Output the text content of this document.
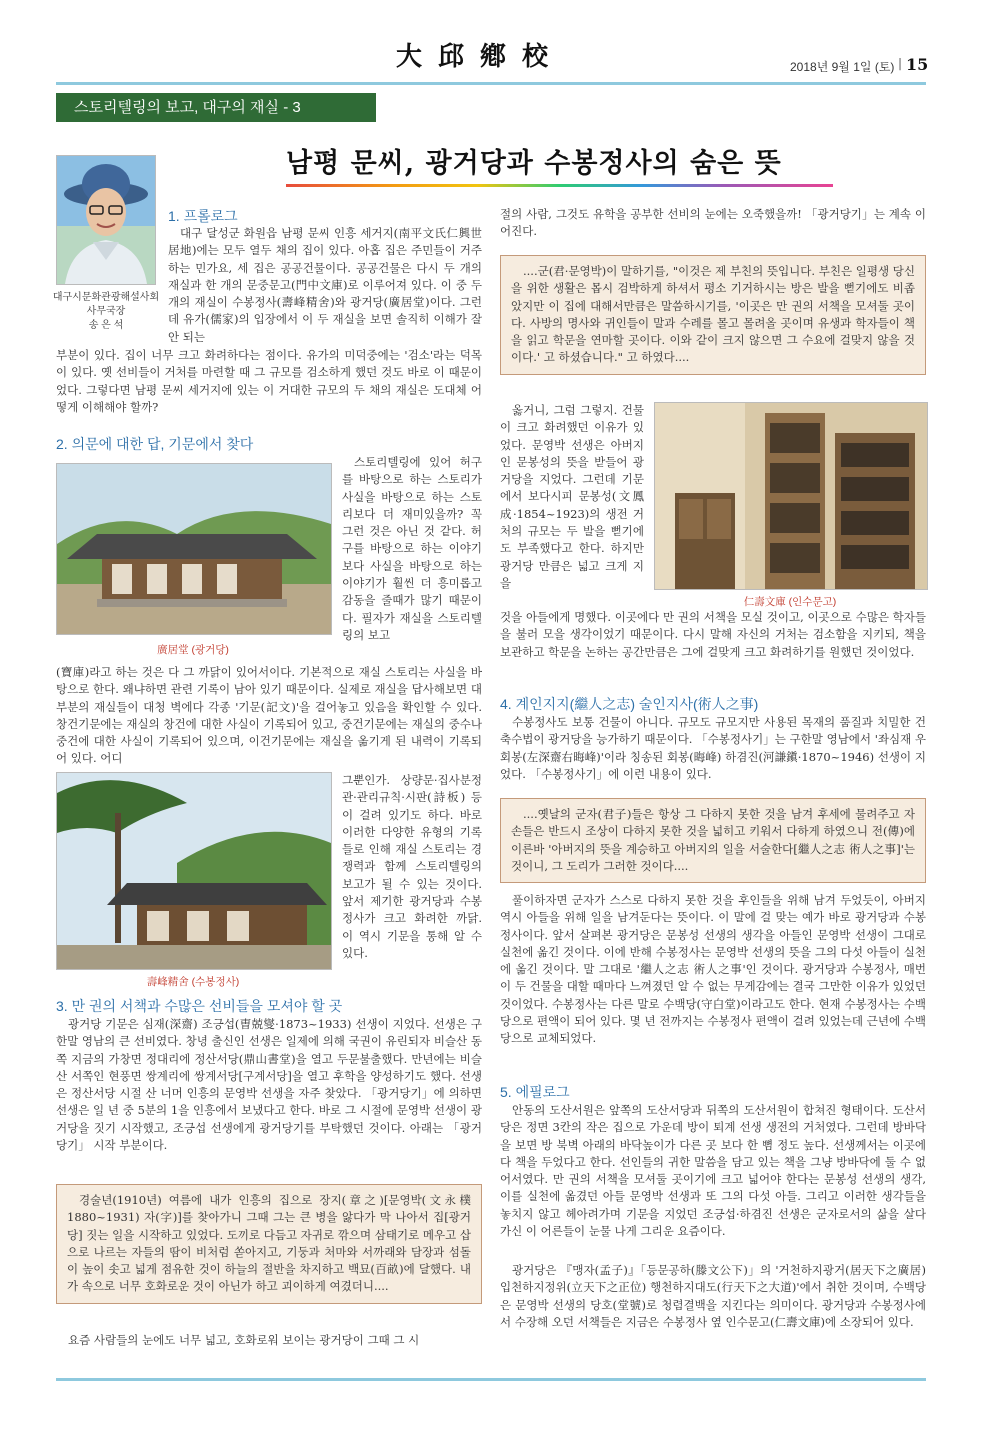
大邱鄕校	2018년 9월 1일 (토) | 15
스토리텔링의 보고, 대구의 재실 - 3
남평 문씨, 광거당과 수봉정사의 숨은 뜻
대구시문화관광해설사회
사무국장
송 은 석
1. 프롤로그

대구 달성군 화원읍 남평 문씨 인흥 세거지(南平文氏仁興世居地)에는 모두 열두 채의 집이 있다. 아홉 집은 주민들이 거주하는 민가요, 세 집은 공공건물이다. 공공건물은 다시 두 개의 재실과 한 개의 문중문고(門中文庫)로 이루어져 있다. 이 중 두 개의 재실이 수봉정사(壽峰精舍)와 광거당(廣居堂)이다. 그런데 유가(儒家)의 입장에서 이 두 재실을 보면 솔직히 이해가 잘 안 되는

부분이 있다. 집이 너무 크고 화려하다는 점이다. 유가의 미덕중에는 '검소'라는 덕목이 있다. 옛 선비들이 거처를 마련할 때 그 규모를 검소하게 했던 것도 바로 이 때문이었다. 그렇다면 남평 문씨 세거지에 있는 이 거대한 규모의 두 채의 재실은 도대체 어떻게 이해해야 할까?

2. 의문에 대한 답, 기문에서 찾다
廣居堂 (광거당)

스토리텔링에 있어 허구를 바탕으로 하는 스토리가 사실을 바탕으로 하는 스토리보다 더 재미있을까? 꼭 그런 것은 아닌 것 같다. 허구를 바탕으로 하는 이야기보다 사실을 바탕으로 하는 이야기가 훨씬 더 흥미롭고 감동을 줄때가 많기 때문이다. 필자가 재실을 스토리텔링의 보고

(寶庫)라고 하는 것은 다 그 까닭이 있어서이다. 기본적으로 재실 스토리는 사실을 바탕으로 한다. 왜냐하면 관련 기록이 남아 있기 때문이다. 실제로 재실을 답사해보면 대부분의 재실들이 대청 벽에다 각종 '기문(記文)'을 걸어놓고 있음을 확인할 수 있다. 창건기문에는 재실의 창건에 대한 사실이 기록되어 있고, 중건기문에는 재실의 중수나 중건에 대한 사실이 기록되어 있으며, 이건기문에는 재실을 옮기게 된 내력이 기록되어 있다. 어디

壽峰精舍 (수봉정사)

그뿐인가. 상량문·집사분정관·관리규칙·시판(詩板) 등이 걸려 있기도 하다. 바로 이러한 다양한 유형의 기록들로 인해 재실 스토리는 경쟁력과 함께 스토리텔링의 보고가 될 수 있는 것이다. 앞서 제기한 광거당과 수봉정사가 크고 화려한 까닭. 이 역시 기문을 통해 알 수 있다.

3. 만 권의 서책과 수많은 선비들을 모셔야 할 곳

광거당 기문은 심재(深齋) 조긍섭(曺兢燮·1873~1933) 선생이 지었다. 선생은 구한말 영남의 큰 선비였다. 창녕 출신인 선생은 일제에 의해 국권이 유린되자 비슬산 동쪽 지금의 가창면 정대리에 정산서당(鼎山書堂)을 열고 두문불출했다. 만년에는 비슬산 서쪽인 현풍면 쌍계리에 쌍계서당[구계서당]을 열고 후학을 양성하기도 했다. 선생은 정산서당 시절 산 너머 인흥의 문영박 선생을 자주 찾았다. 「광거당기」에 의하면 선생은 일 년 중 5분의 1을 인흥에서 보냈다고 한다. 바로 그 시절에 문영박 선생이 광거당을 짓기 시작했고, 조긍섭 선생에게 광거당기를 부탁했던 것이다. 아래는 「광거당기」 시작 부분이다.

경술년(1910년) 여름에 내가 인흥의 집으로 장지(章之)[문영박(文永樸 1880~1931) 자(字)]를 찾아가니 그때 그는 큰 병을 앓다가 막 나아서 집[광거당] 짓는 일을 시작하고 있었다. 도끼로 다듬고 자귀로 깎으며 삼태기로 메우고 삽으로 나르는 자들의 땀이 비처럼 쏟아지고, 기둥과 처마와 서까래와 담장과 섬돌이 높이 솟고 넓게 점유한 것이 하늘의 절반을 차지하고 백묘(百畝)에 달했다. 내가 속으로 너무 호화로운 것이 아닌가 하고 괴이하게 여겼더니....

요즘 사람들의 눈에도 너무 넓고, 호화로워 보이는 광거당이 그때 그 시

절의 사람, 그것도 유학을 공부한 선비의 눈에는 오죽했을까! 「광거당기」는 계속 이어진다.

....군(君·문영박)이 말하기를, "이것은 제 부친의 뜻입니다. 부친은 일평생 당신을 위한 생활은 몹시 검박하게 하셔서 평소 기거하시는 방은 발을 뻗기에도 비좁았지만 이 집에 대해서만큼은 말씀하시기를, '이곳은 만 권의 서책을 모셔둘 곳이다. 사방의 명사와 귀인들이 말과 수레를 몰고 몰려올 곳이며 유생과 학자들이 책을 읽고 학문을 연마할 곳이다. 이와 같이 크지 않으면 그 수요에 걸맞지 않을 것이다.' 고 하셨습니다." 고 하였다....

옳거니, 그럼 그렇지. 건물이 크고 화려했던 이유가 있었다. 문영박 선생은 아버지인 문봉성의 뜻을 받들어 광거당을 지었다. 그런데 기문에서 보다시피 문봉성(文鳳成·1854~1923)의 생전 거처의 규모는 두 발을 뻗기에도 부족했다고 한다. 하지만 광거당 만큼은 넓고 크게 지을

仁壽文庫 (인수문고)

것을 아들에게 명했다. 이곳에다 만 권의 서책을 모실 것이고, 이곳으로 수많은 학자들을 불러 모을 생각이었기 때문이다. 다시 말해 자신의 거처는 검소함을 지키되, 책을 보관하고 학문을 논하는 공간만큼은 그에 걸맞게 크고 화려하기를 원했던 것이었다.

4. 계인지지(繼人之志) 술인지사(術人之事)

수봉정사도 보통 건물이 아니다. 규모도 규모지만 사용된 목재의 품질과 치밀한 건축수법이 광거당을 능가하기 때문이다. 「수봉정사기」는 구한말 영남에서 '좌심재 우회봉(左深齋右晦峰)'이라 칭송된 회봉(晦峰) 하겸진(河謙鎭·1870~1946) 선생이 지었다. 「수봉정사기」에 이런 내용이 있다.

....옛날의 군자(君子)들은 항상 그 다하지 못한 것을 남겨 후세에 물려주고 자손들은 반드시 조상이 다하지 못한 것을 넓히고 키워서 다하게 하였으니 전(傳)에 이른바 '아버지의 뜻을 계승하고 아버지의 일을 서술한다[繼人之志 術人之事]'는 것이니, 그 도리가 그러한 것이다....

풀이하자면 군자가 스스로 다하지 못한 것을 후인들을 위해 남겨 두었듯이, 아버지 역시 아들을 위해 일을 남겨둔다는 뜻이다. 이 말에 걸 맞는 예가 바로 광거당과 수봉정사이다. 앞서 살펴본 광거당은 문봉성 선생의 생각을 아들인 문영박 선생이 그대로 실천에 옮긴 것이다. 이에 반해 수봉정사는 문영박 선생의 뜻을 그의 다섯 아들이 실천에 옮긴 것이다. 말 그대로 '繼人之志 術人之事'인 것이다. 광거당과 수봉정사, 매번 이 두 건물을 대할 때마다 느껴졌던 알 수 없는 무게감에는 결국 그만한 이유가 있었던 것이었다. 수봉정사는 다른 말로 수백당(守白堂)이라고도 한다. 현재 수봉정사는 수백당으로 편액이 되어 있다. 몇 년 전까지는 수봉정사 편액이 걸려 있었는데 근년에 수백당으로 교체되었다.

5. 에필로그

안동의 도산서원은 앞쪽의 도산서당과 뒤쪽의 도산서원이 합쳐진 형태이다. 도산서당은 정면 3칸의 작은 집으로 가운데 방이 퇴계 선생 생전의 거처였다. 그런데 방바닥을 보면 방 북벽 아래의 바닥높이가 다른 곳 보다 한 뼘 정도 높다. 선생께서는 이곳에다 책을 두었다고 한다. 선인들의 귀한 말씀을 담고 있는 책을 그냥 방바닥에 둘 수 없어서였다. 만 권의 서책을 모셔둘 곳이기에 크고 넓어야 한다는 문봉성 선생의 생각, 이를 실천에 옮겼던 아들 문영박 선생과 또 그의 다섯 아들. 그리고 이러한 생각들을 놓치지 않고 헤아려가며 기문을 지었던 조긍섭·하겸진 선생은 군자로서의 삶을 살다 가신 이 어른들이 눈물 나게 그리운 요즘이다.

광거당은 『맹자(孟子)』「등문공하(滕文公下)」의 '거천하지광거(居天下之廣居) 입천하지정위(立天下之正位) 행천하지대도(行天下之大道)'에서 취한 것이며, 수백당은 문영박 선생의 당호(堂號)로 청렴결백을 지킨다는 의미이다. 광거당과 수봉정사에서 수장해 오던 서책들은 지금은 수봉정사 옆 인수문고(仁壽文庫)에 소장되어 있다.
